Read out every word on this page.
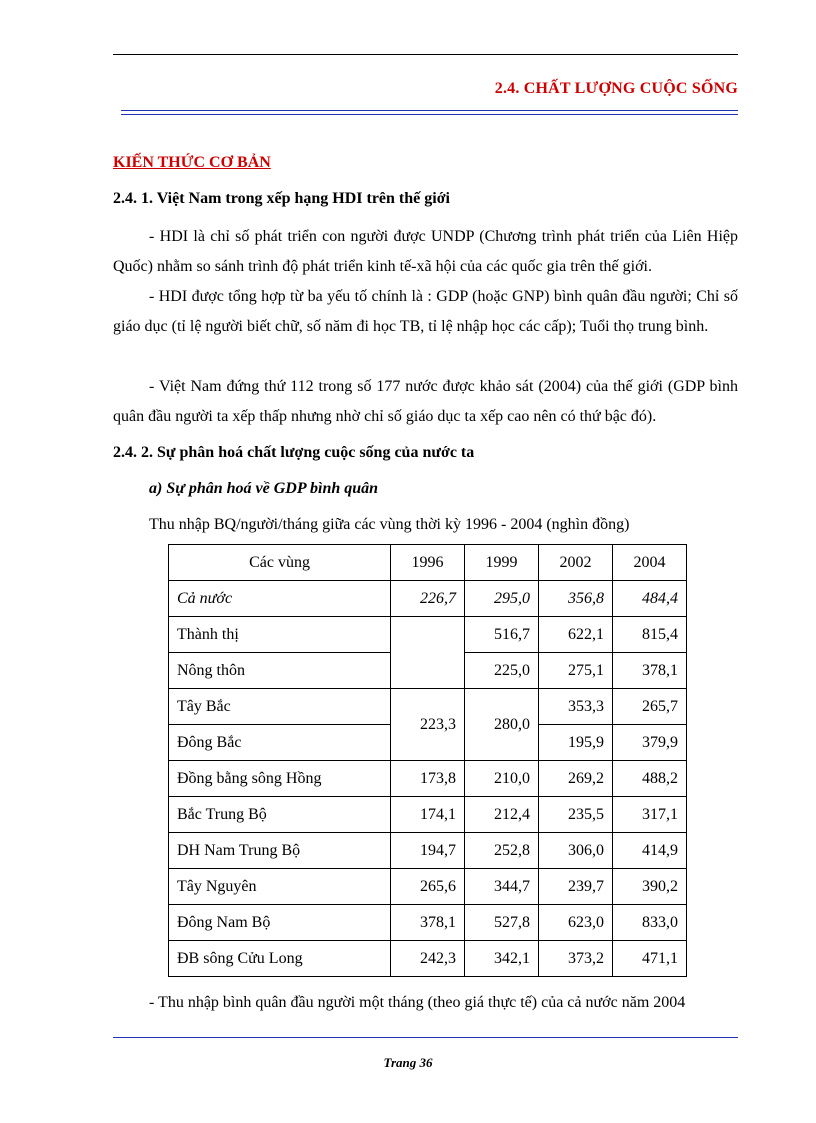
2.4. CHẤT LƯỢNG CUỘC SỐNG
KIẾN THỨC CƠ BẢN
2.4. 1. Việt Nam trong xếp hạng HDI trên thế giới

- HDI là chỉ số phát triển con người được UNDP (Chương trình phát triển của Liên Hiệp Quốc) nhằm so sánh trình độ phát triển kinh tế-xã hội của các quốc gia trên thế giới.

- HDI được tổng hợp từ ba yếu tố chính là : GDP (hoặc GNP) bình quân đầu người; Chỉ số giáo dục (tỉ lệ người biết chữ, số năm đi học TB, tỉ lệ nhập học các cấp); Tuổi thọ trung bình.

- Việt Nam đứng thứ 112 trong số 177 nước được khảo sát (2004) của thế giới (GDP bình quân đầu người ta xếp thấp nhưng nhờ chỉ số giáo dục ta xếp cao nên có thứ bậc đó).

2.4. 2. Sự phân hoá chất lượng cuộc sống của nước ta
a) Sự phân hoá về GDP bình quân
Thu nhập BQ/người/tháng giữa các vùng thời kỳ 1996 - 2004 (nghìn đồng)
Các vùng	1996	1999	2002	2004
Cả nước	226,7	295,0	356,8	484,4
Thành thị		516,7	622,1	815,4
Nông thôn		225,0	275,1	378,1
Tây Bắc	223,3	280,0	353,3	265,7
Đông Bắc			195,9	379,9
Đồng bằng sông Hồng	173,8	210,0	269,2	488,2
Bắc Trung Bộ	174,1	212,4	235,5	317,1
DH Nam Trung Bộ	194,7	252,8	306,0	414,9
Tây Nguyên	265,6	344,7	239,7	390,2
Đông Nam Bộ	378,1	527,8	623,0	833,0
ĐB sông Cửu Long	242,3	342,1	373,2	471,1
- Thu nhập bình quân đầu người một tháng (theo giá thực tế) của cả nước năm 2004
Trang 36
